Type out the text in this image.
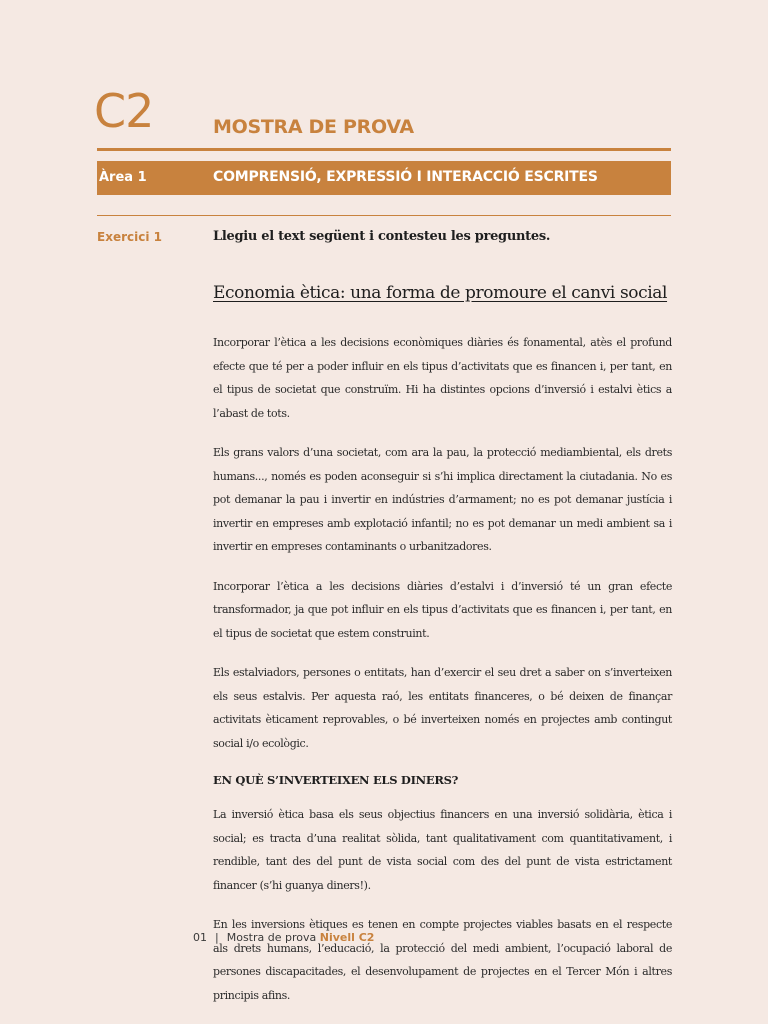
C2	MOSTRA DE PROVA
Àrea 1	COMPRENSIÓ, EXPRESSIÓ I INTERACCIÓ ESCRITES
Exercici 1	Llegiu el text següent i contesteu les preguntes.
Economia ètica: una forma de promoure el canvi social

Incorporar l’ètica a les decisions econòmiques diàries és fonamental, atès el profund efecte que té per a poder influir en els tipus d’activitats que es financen i, per tant, en el tipus de societat que construïm. Hi ha distintes opcions d’inversió i estalvi ètics a l’abast de tots.

Els grans valors d’una societat, com ara la pau, la protecció mediambiental, els drets humans..., només es poden aconseguir si s’hi implica directament la ciutadania. No es pot demanar la pau i invertir en indústries d’armament; no es pot demanar justícia i invertir en empreses amb explotació infantil; no es pot demanar un medi ambient sa i invertir en empreses contaminants o urbanitzadores.

Incorporar l’ètica a les decisions diàries d’estalvi i d’inversió té un gran efecte transformador, ja que pot influir en els tipus d’activitats que es financen i, per tant, en el tipus de societat que estem construint.

Els estalviadors, persones o entitats, han d’exercir el seu dret a saber on s’inverteixen els seus estalvis. Per aquesta raó, les entitats financeres, o bé deixen de finançar activitats èticament reprovables, o bé inverteixen només en projectes amb contingut social i/o ecològic.

EN QUÈ S’INVERTEIXEN ELS DINERS?

La inversió ètica basa els seus objectius financers en una inversió solidària, ètica i social; es tracta d’una realitat sòlida, tant qualitativament com quantitativament, i rendible, tant des del punt de vista social com des del punt de vista estrictament financer (s’hi guanya diners!).

En les inversions ètiques es tenen en compte projectes viables basats en el respecte als drets humans, l’educació, la protecció del medi ambient, l’ocupació laboral de persones discapacitades, el desenvolupament de projectes en el Tercer Món i altres principis afins.

01 | Mostra de prova Nivell C2
